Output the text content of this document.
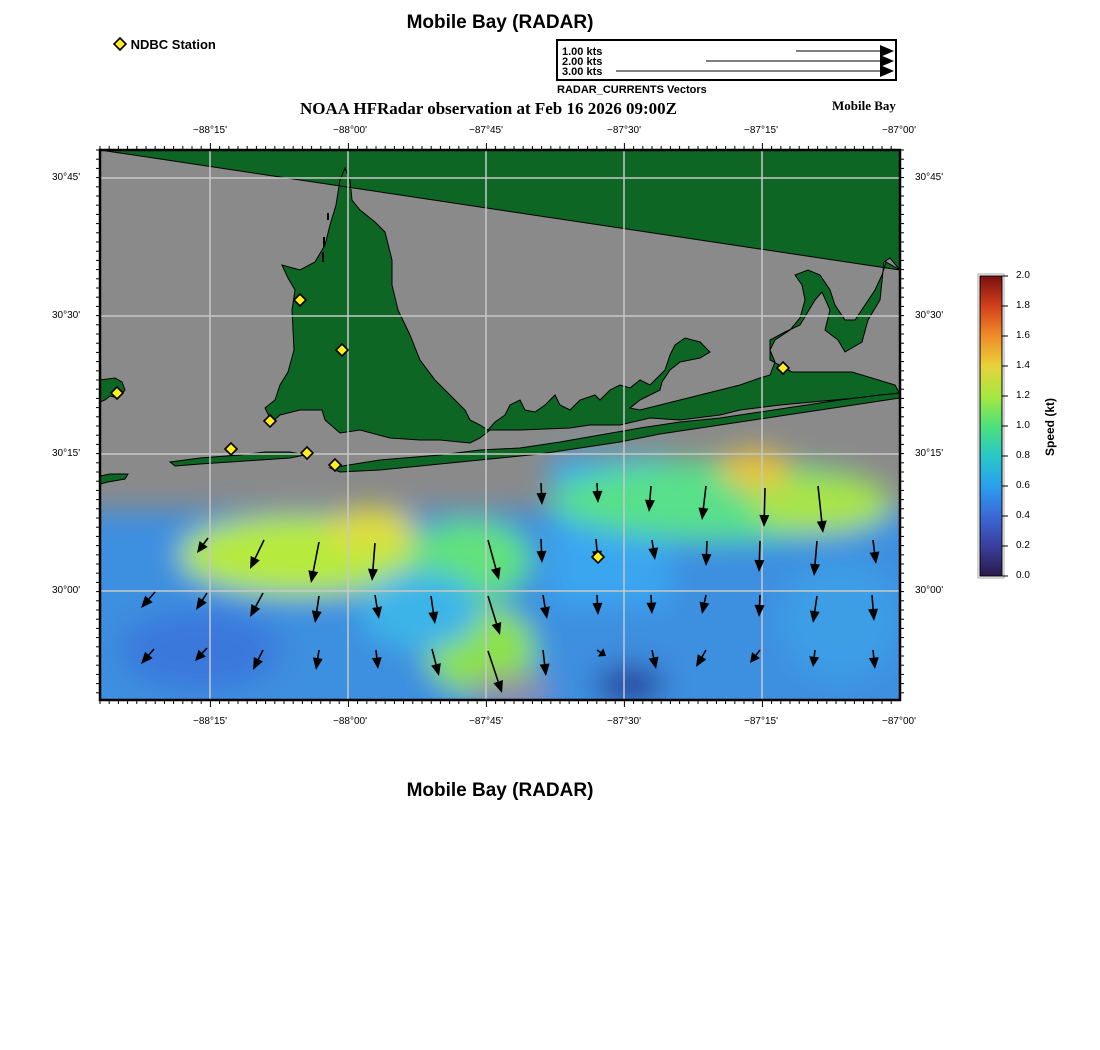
Mobile Bay (RADAR)
NDBC Station	1.00 kts
2.00 kts
3.00 kts
RADAR_CURRENTS Vectors
NOAA HFRadar observation at Feb 16 2026 09:00Z	Mobile Bay
−88°15'	−88°00'	−87°45'	−87°30'	−87°15'	−87°00'
−88°15'	−88°00'	−87°45'	−87°30'	−87°15'	−87°00'
30°45'
30°30'
30°15'
30°00'
30°45'
30°30'
30°15'
30°00'
2.0
1.8
1.6
1.4
1.2
1.0
0.8
0.6
0.4
0.2
0.0
Speed (kt)
Mobile Bay (RADAR)
